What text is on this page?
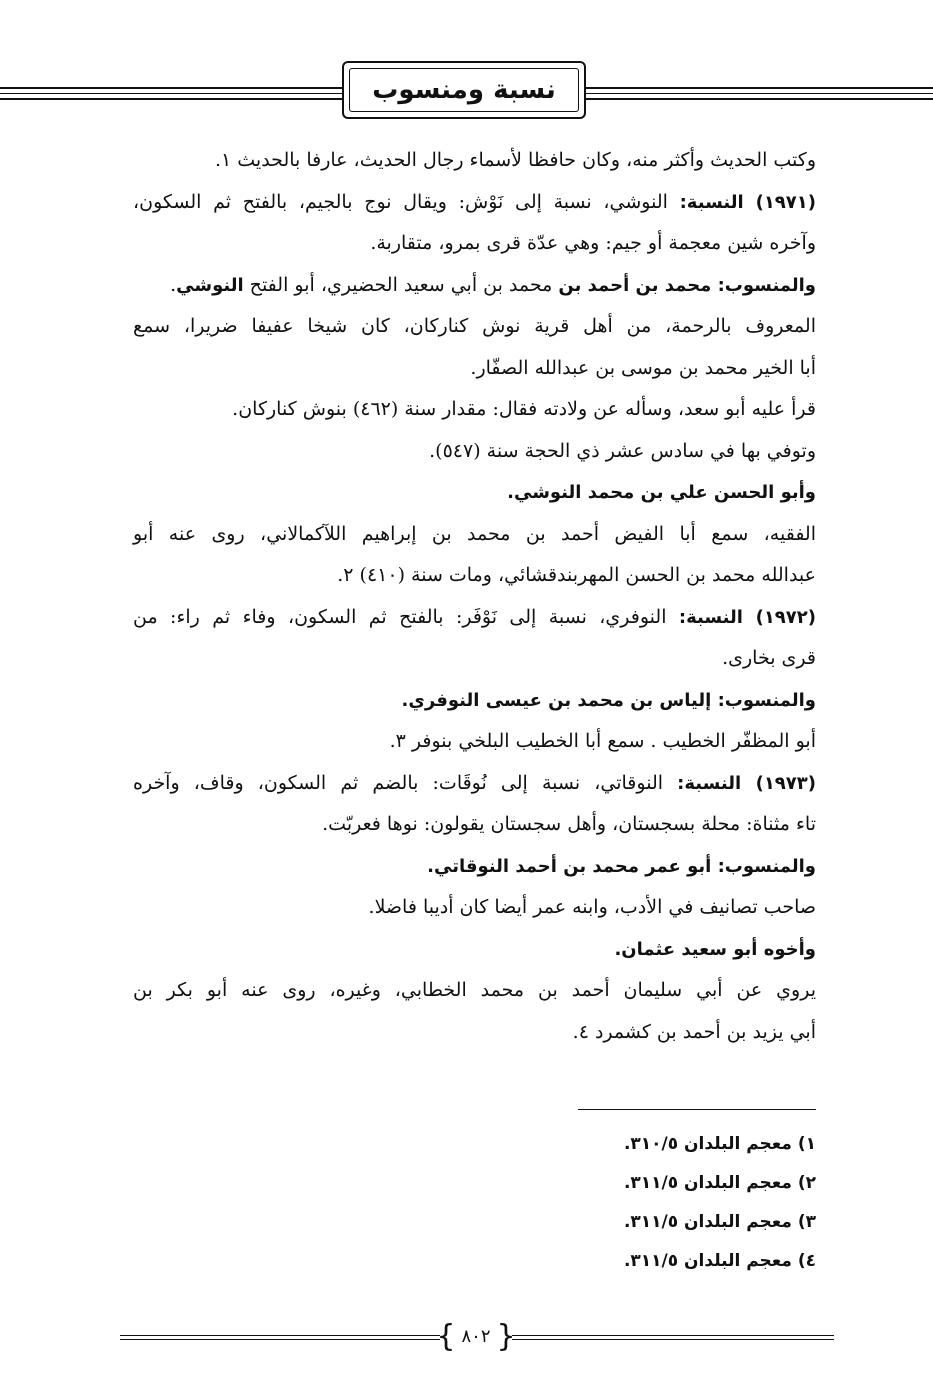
نسبة ومنسوب

وكتب الحديث وأكثر منه، وكان حافظا لأسماء رجال الحديث، عارفا بالحديث ١.

(١٩٧١) النسبة: النوشي، نسبة إلى نَوْش: ويقال نوج بالجيم، بالفتح ثم السكون،

وآخره شين معجمة أو جيم: وهي عدّة قرى بمرو، متقاربة.

والمنسوب: محمد بن أحمد بن محمد بن أبي سعيد الحضيري، أبو الفتح النوشي.

المعروف بالرحمة، من أهل قرية نوش كناركان، كان شيخا عفيفا ضريرا، سمع

أبا الخير محمد بن موسى بن عبدالله الصفّار.

قرأ عليه أبو سعد، وسأله عن ولادته فقال: مقدار سنة (٤٦٢) بنوش كناركان.

وتوفي بها في سادس عشر ذي الحجة سنة (٥٤٧).

وأبو الحسن علي بن محمد النوشي.

الفقيه، سمع أبا الفيض أحمد بن محمد بن إبراهيم اللآكمالاني، روى عنه أبو

عبدالله محمد بن الحسن المهربندقشائي، ومات سنة (٤١٠) ٢.

(١٩٧٢) النسبة: النوفري، نسبة إلى نَوْفَر: بالفتح ثم السكون، وفاء ثم راء: من

قرى بخارى.

والمنسوب: إلياس بن محمد بن عيسى النوفري.

أبو المظفّر الخطيب . سمع أبا الخطيب البلخي بنوفر ٣.

(١٩٧٣) النسبة: النوقاتي، نسبة إلى نُوقَات: بالضم ثم السكون، وقاف، وآخره

تاء مثناة: محلة بسجستان، وأهل سجستان يقولون: نوها فعربّت.

والمنسوب: أبو عمر محمد بن أحمد النوقاتي.

صاحب تصانيف في الأدب، وابنه عمر أيضا كان أديبا فاضلا.

وأخوه أبو سعيد عثمان.

يروي عن أبي سليمان أحمد بن محمد الخطابي، وغيره، روى عنه أبو بكر بن

أبي يزيد بن أحمد بن كشمرد ٤.

١) معجم البلدان ٣١٠/٥.
٢) معجم البلدان ٣١١/٥.
٣) معجم البلدان ٣١١/٥.
٤) معجم البلدان ٣١١/٥.
{ ٨٠٢ }
